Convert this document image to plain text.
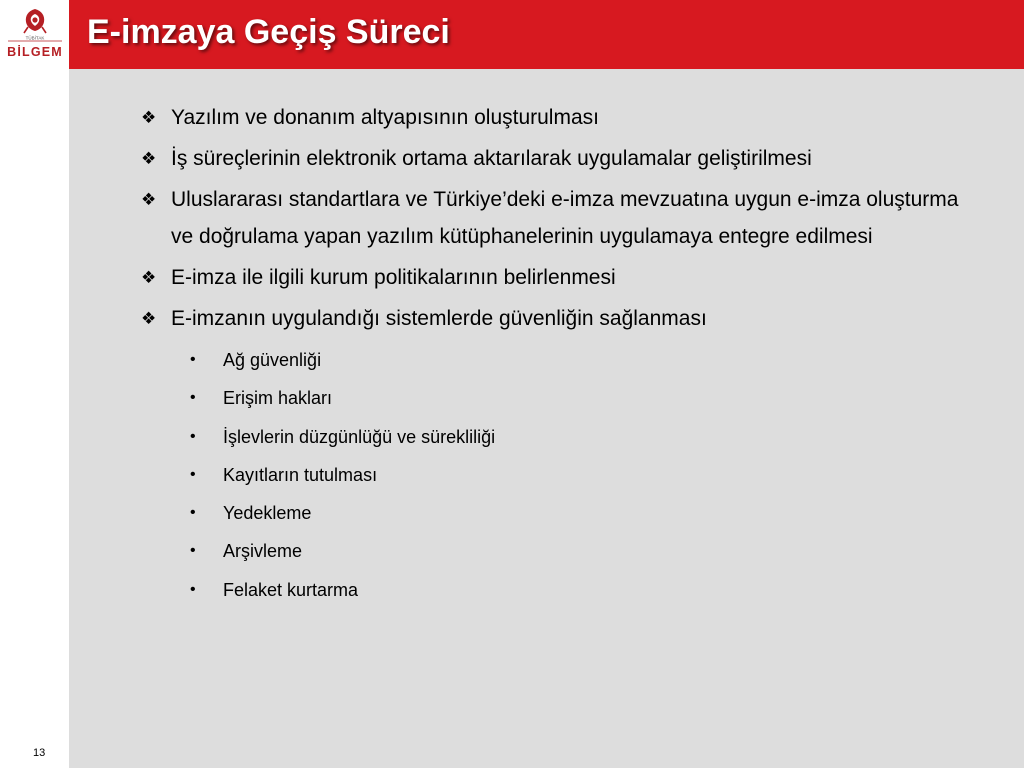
TÜBİTAK
BİLGEM
13
E-imzaya Geçiş Süreci
❖ Yazılım ve donanım altyapısının oluşturulması
❖ İş süreçlerinin elektronik ortama aktarılarak uygulamalar geliştirilmesi
❖ Uluslararası standartlara ve Türkiye’deki e-imza mevzuatına uygun e-imza oluşturma ve doğrulama yapan yazılım kütüphanelerinin uygulamaya entegre edilmesi
❖ E-imza ile ilgili kurum politikalarının belirlenmesi
❖ E-imzanın uygulandığı sistemlerde güvenliğin sağlanması
• Ağ güvenliği
• Erişim hakları
• İşlevlerin düzgünlüğü ve sürekliliği
• Kayıtların tutulması
• Yedekleme
• Arşivleme
• Felaket kurtarma
